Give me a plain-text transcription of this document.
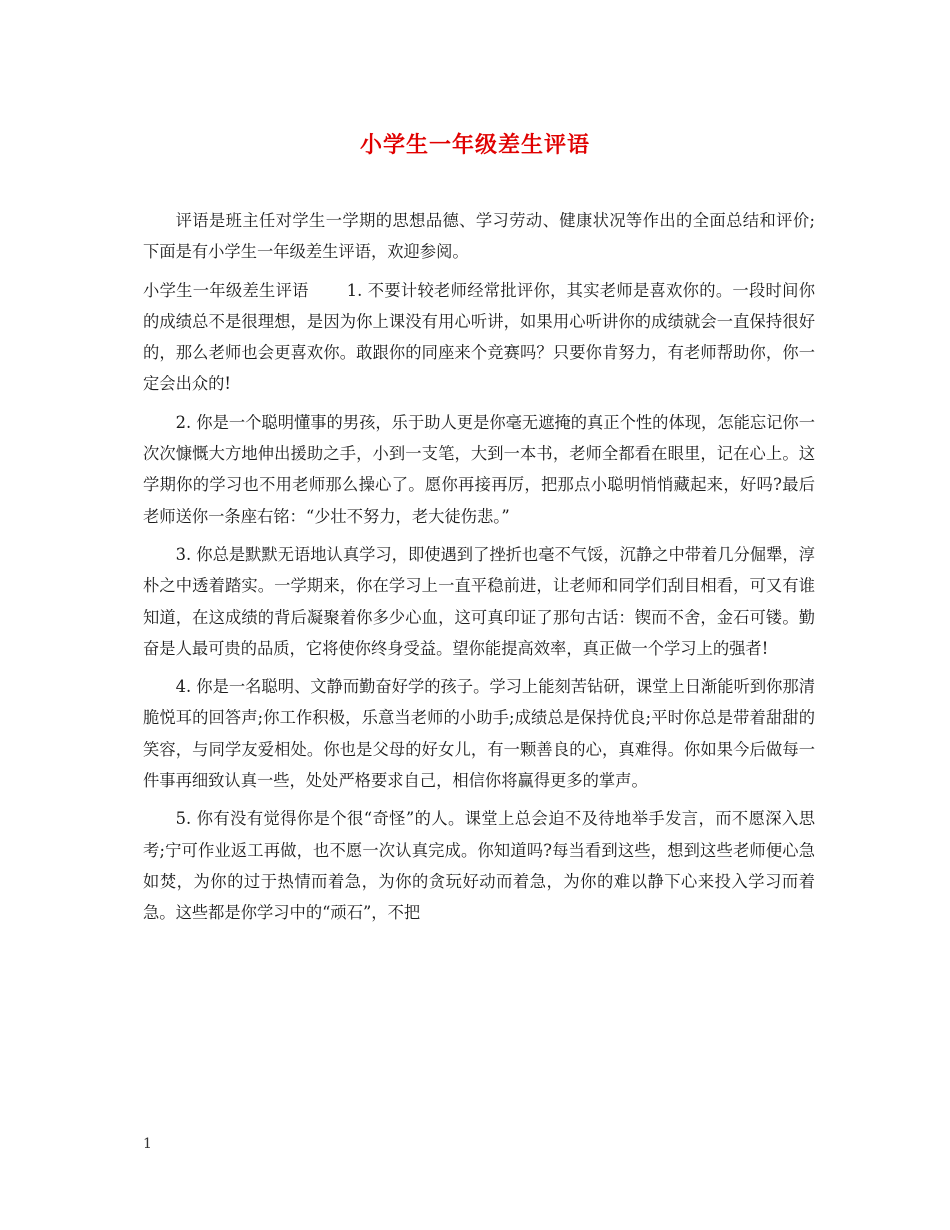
小学生一年级差生评语

评语是班主任对学生一学期的思想品德、学习劳动、健康状况等作出的全面总结和评价;下面是有小学生一年级差生评语，欢迎参阅。

小学生一年级差生评语 1. 不要计较老师经常批评你，其实老师是喜欢你的。一段时间你的成绩总不是很理想，是因为你上课没有用心听讲，如果用心听讲你的成绩就会一直保持很好的，那么老师也会更喜欢你。敢跟你的同座来个竞赛吗？只要你肯努力，有老师帮助你，你一定会出众的!

2. 你是一个聪明懂事的男孩，乐于助人更是你毫无遮掩的真正个性的体现，怎能忘记你一次次慷慨大方地伸出援助之手，小到一支笔，大到一本书，老师全都看在眼里，记在心上。这学期你的学习也不用老师那么操心了。愿你再接再厉，把那点小聪明悄悄藏起来，好吗?最后老师送你一条座右铭：“少壮不努力，老大徒伤悲。”

3. 你总是默默无语地认真学习，即使遇到了挫折也毫不气馁，沉静之中带着几分倔犟，淳朴之中透着踏实。一学期来，你在学习上一直平稳前进，让老师和同学们刮目相看，可又有谁知道，在这成绩的背后凝聚着你多少心血，这可真印证了那句古话：锲而不舍，金石可镂。勤奋是人最可贵的品质，它将使你终身受益。望你能提高效率，真正做一个学习上的强者!

4. 你是一名聪明、文静而勤奋好学的孩子。学习上能刻苦钻研，课堂上日渐能听到你那清脆悦耳的回答声;你工作积极，乐意当老师的小助手;成绩总是保持优良;平时你总是带着甜甜的笑容，与同学友爱相处。你也是父母的好女儿，有一颗善良的心，真难得。你如果今后做每一件事再细致认真一些，处处严格要求自己，相信你将赢得更多的掌声。

5. 你有没有觉得你是个很“奇怪”的人。课堂上总会迫不及待地举手发言，而不愿深入思考;宁可作业返工再做，也不愿一次认真完成。你知道吗?每当看到这些，想到这些老师便心急如焚，为你的过于热情而着急，为你的贪玩好动而着急，为你的难以静下心来投入学习而着急。这些都是你学习中的“顽石”，不把

1
